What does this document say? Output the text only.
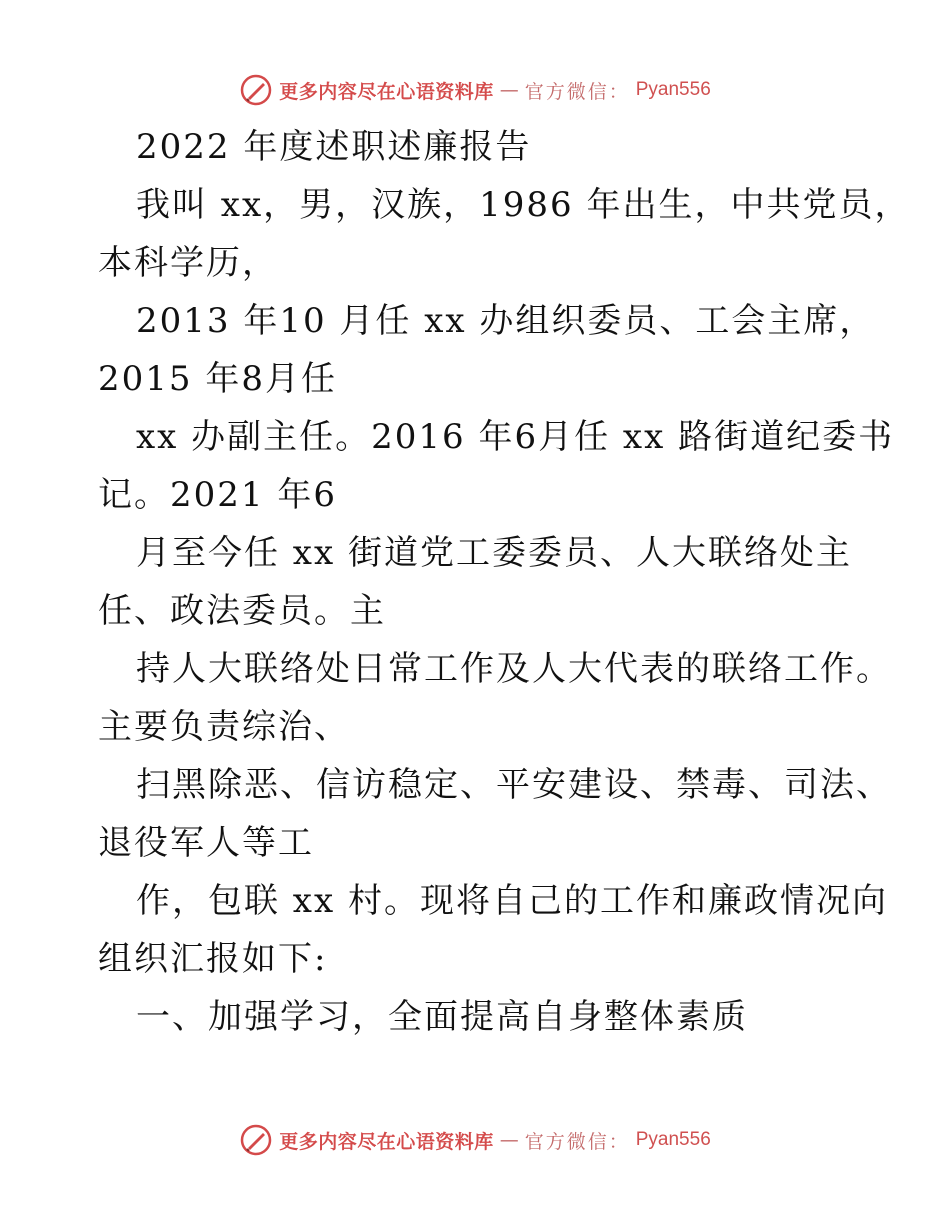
更多内容尽在心语资料库 — 官方微信： Pyan556
2022 年度述职述廉报告
我叫 xx，男，汉族，1986 年出生，中共党员，
本科学历，
2013 年10 月任 xx 办组织委员、工会主席，
2015 年8月任
xx 办副主任。2016 年6月任 xx 路街道纪委书
记。2021 年6
月至今任 xx 街道党工委委员、人大联络处主
任、政法委员。主
持人大联络处日常工作及人大代表的联络工作。
主要负责综治、
扫黑除恶、信访稳定、平安建设、禁毒、司法、
退役军人等工
作，包联 xx 村。现将自己的工作和廉政情况向
组织汇报如下:
一、加强学习，全面提高自身整体素质
更多内容尽在心语资料库 — 官方微信： Pyan556
